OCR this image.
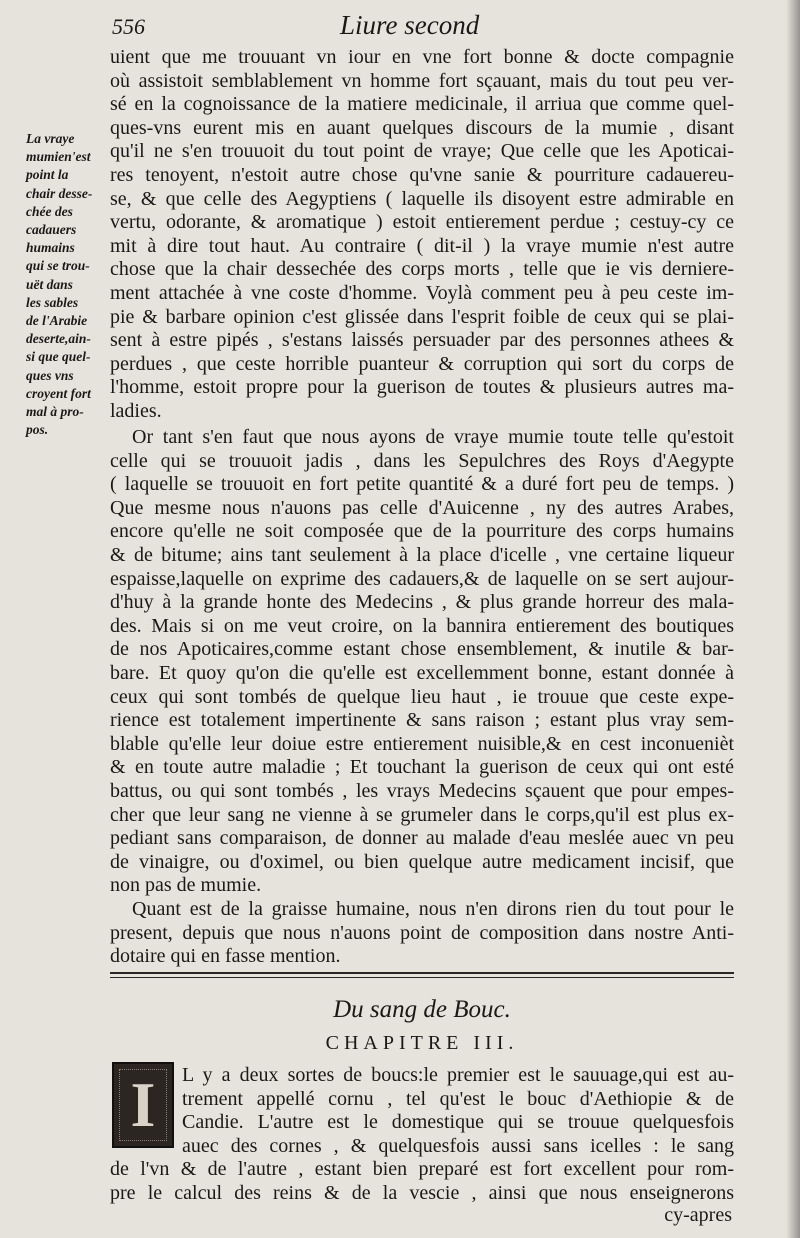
556	Liure second
La vraye
mumien'est
point la
chair desse-
chée des
cadauers
humains
qui se trou-
uët dans
les sables
de l'Arabie
deserte,ain-
si que quel-
ques vns
croyent fort
mal à pro-
pos.
uient que me trouuant vn iour en vne fort bonne & docte compagnie
où assistoit semblablement vn homme fort sçauant, mais du tout peu ver-
sé en la cognoissance de la matiere medicinale, il arriua que comme quel-
ques-vns eurent mis en auant quelques discours de la mumie , disant
qu'il ne s'en trouuoit du tout point de vraye; Que celle que les Apoticai-
res tenoyent, n'estoit autre chose qu'vne sanie & pourriture cadauereu-
se, & que celle des Aegyptiens ( laquelle ils disoyent estre admirable en
vertu, odorante, & aromatique ) estoit entierement perdue ; cestuy-cy ce
mit à dire tout haut. Au contraire ( dit-il ) la vraye mumie n'est autre
chose que la chair dessechée des corps morts , telle que ie vis derniere-
ment attachée à vne coste d'homme. Voylà comment peu à peu ceste im-
pie & barbare opinion c'est glissée dans l'esprit foible de ceux qui se plai-
sent à estre pipés , s'estans laissés persuader par des personnes athees &
perdues , que ceste horrible puanteur & corruption qui sort du corps de
l'homme, estoit propre pour la guerison de toutes & plusieurs autres ma-
ladies.
Or tant s'en faut que nous ayons de vraye mumie toute telle qu'estoit
celle qui se trouuoit jadis , dans les Sepulchres des Roys d'Aegypte
( laquelle se trouuoit en fort petite quantité & a duré fort peu de temps. )
Que mesme nous n'auons pas celle d'Auicenne , ny des autres Arabes,
encore qu'elle ne soit composée que de la pourriture des corps humains
& de bitume; ains tant seulement à la place d'icelle , vne certaine liqueur
espaisse,laquelle on exprime des cadauers,& de laquelle on se sert aujour-
d'huy à la grande honte des Medecins , & plus grande horreur des mala-
des. Mais si on me veut croire, on la bannira entierement des boutiques
de nos Apoticaires,comme estant chose ensemblement, & inutile & bar-
bare. Et quoy qu'on die qu'elle est excellemment bonne, estant donnée à
ceux qui sont tombés de quelque lieu haut , ie trouue que ceste expe-
rience est totalement impertinente & sans raison ; estant plus vray sem-
blable qu'elle leur doiue estre entierement nuisible,& en cest inconuenièt
& en toute autre maladie ; Et touchant la guerison de ceux qui ont esté
battus, ou qui sont tombés , les vrays Medecins sçauent que pour empes-
cher que leur sang ne vienne à se grumeler dans le corps,qu'il est plus ex-
pediant sans comparaison, de donner au malade d'eau meslée auec vn peu
de vinaigre, ou d'oximel, ou bien quelque autre medicament incisif, que
non pas de mumie.
Quant est de la graisse humaine, nous n'en dirons rien du tout pour le
present, depuis que nous n'auons point de composition dans nostre Anti-
dotaire qui en fasse mention.
Du sang de Bouc.
CHAPITRE III.
I	L y a deux sortes de boucs:le premier est le sauuage,qui est au-
trement appellé cornu , tel qu'est le bouc d'Aethiopie & de
Candie. L'autre est le domestique qui se trouue quelquesfois
auec des cornes , & quelquesfois aussi sans icelles : le sang
de l'vn & de l'autre , estant bien preparé est fort excellent pour rom-
pre le calcul des reins & de la vescie , ainsi que nous enseignerons
cy-apres
